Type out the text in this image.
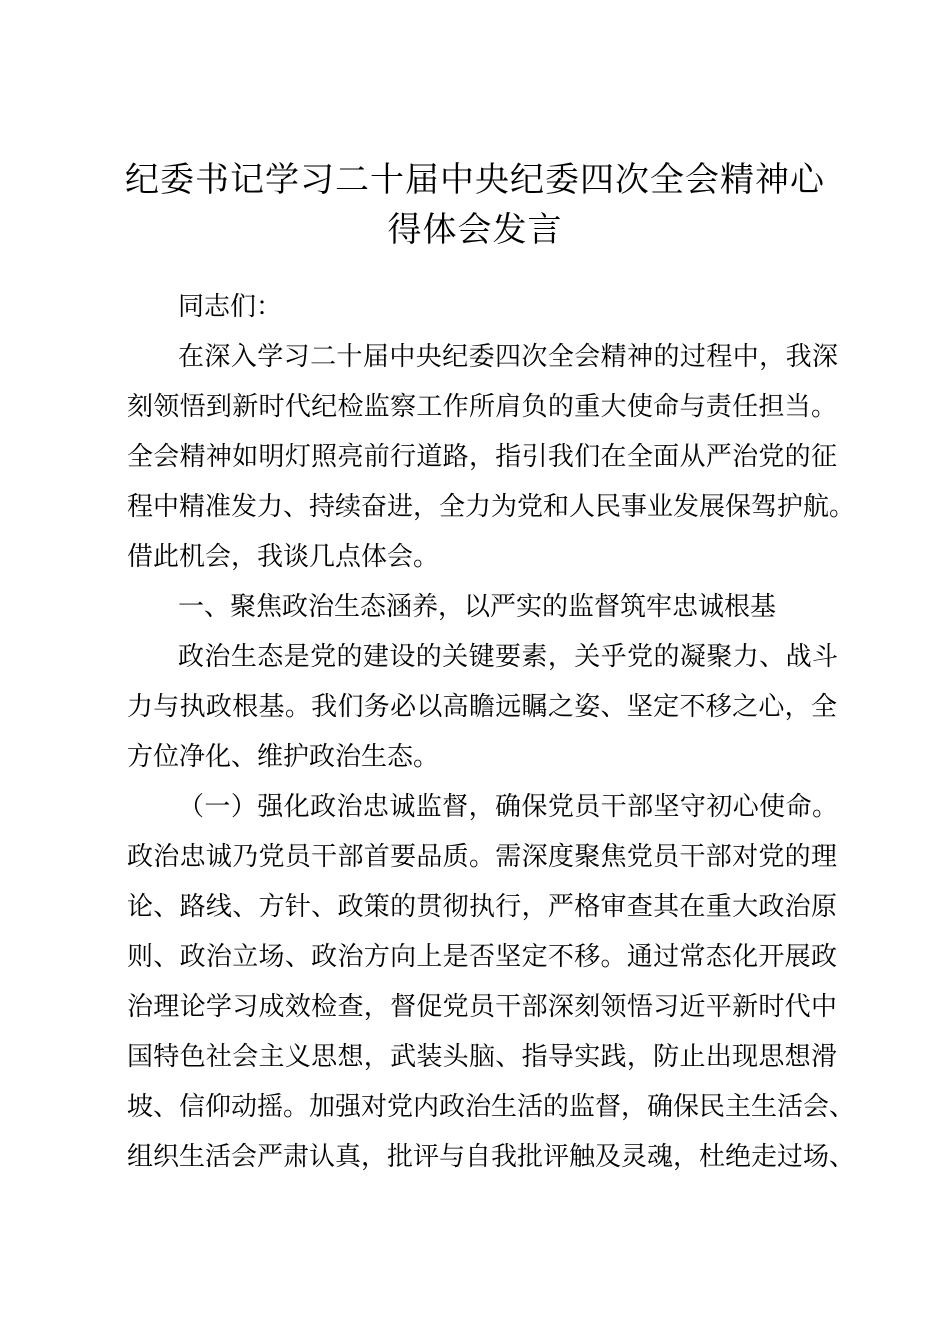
纪委书记学习二十届中央纪委四次全会精神心
得体会发言
同志们：
在深入学习二十届中央纪委四次全会精神的过程中，我深
刻领悟到新时代纪检监察工作所肩负的重大使命与责任担当。
全会精神如明灯照亮前行道路，指引我们在全面从严治党的征
程中精准发力、持续奋进，全力为党和人民事业发展保驾护航。
借此机会，我谈几点体会。
一、聚焦政治生态涵养，以严实的监督筑牢忠诚根基
政治生态是党的建设的关键要素，关乎党的凝聚力、战斗
力与执政根基。我们务必以高瞻远瞩之姿、坚定不移之心，全
方位净化、维护政治生态。
（一）强化政治忠诚监督，确保党员干部坚守初心使命。
政治忠诚乃党员干部首要品质。需深度聚焦党员干部对党的理
论、路线、方针、政策的贯彻执行，严格审查其在重大政治原
则、政治立场、政治方向上是否坚定不移。通过常态化开展政
治理论学习成效检查，督促党员干部深刻领悟习近平新时代中
国特色社会主义思想，武装头脑、指导实践，防止出现思想滑
坡、信仰动摇。加强对党内政治生活的监督，确保民主生活会、
组织生活会严肃认真，批评与自我批评触及灵魂，杜绝走过场、
